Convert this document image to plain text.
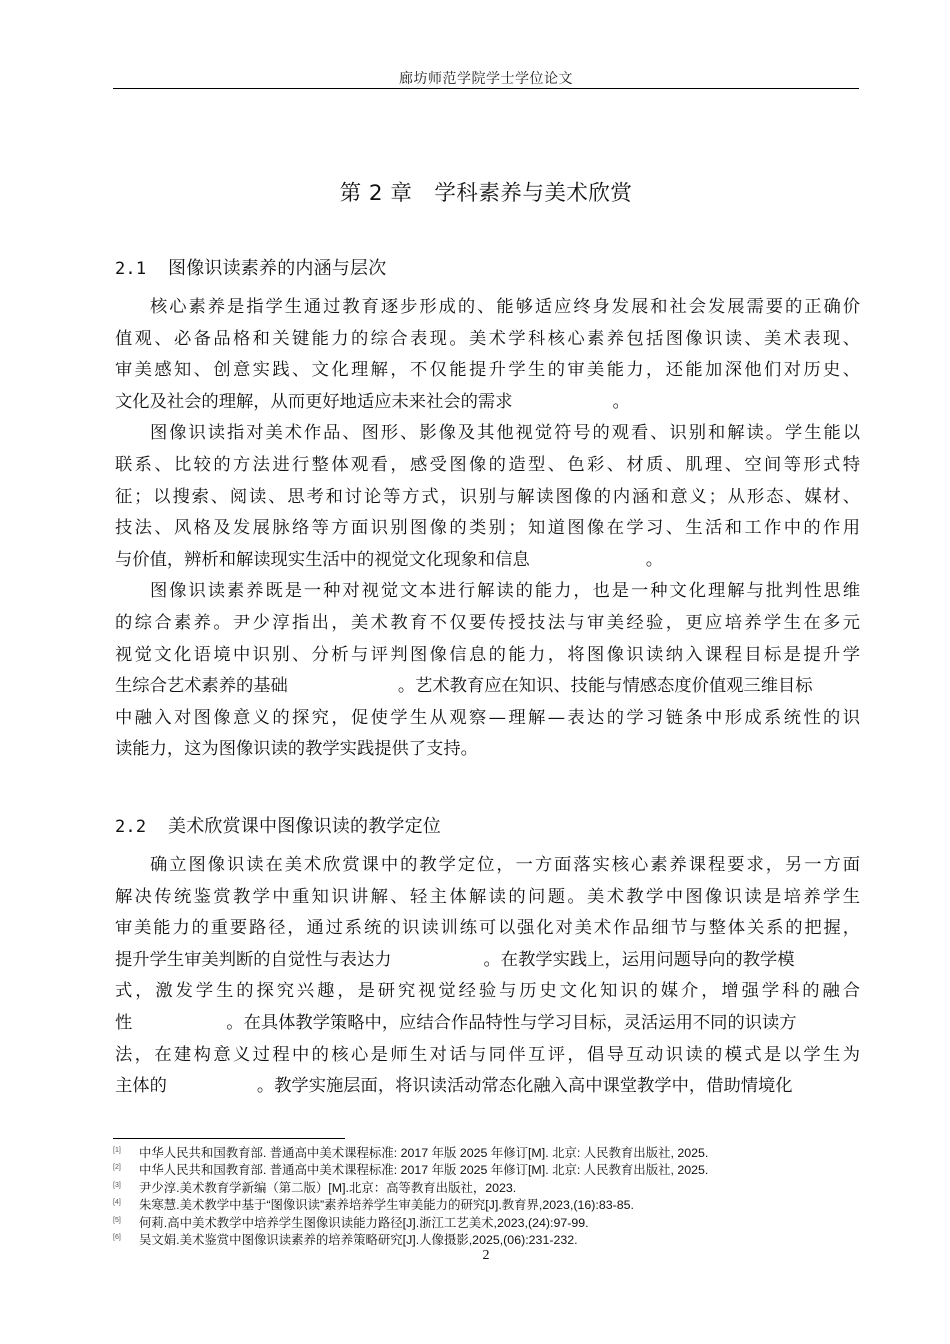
廊坊师范学院学士学位论文
第 2 章　学科素养与美术欣赏
2.1 图像识读素养的内涵与层次
核心素养是指学生通过教育逐步形成的、能够适应终身发展和社会发展需要的正确价
值观、必备品格和关键能力的综合表现。美术学科核心素养包括图像识读、美术表现、
审美感知、创意实践、文化理解，不仅能提升学生的审美能力，还能加深他们对历史、
文化及社会的理解，从而更好地适应未来社会的需求	。
图像识读指对美术作品、图形、影像及其他视觉符号的观看、识别和解读。学生能以
联系、比较的方法进行整体观看，感受图像的造型、色彩、材质、肌理、空间等形式特
征；以搜索、阅读、思考和讨论等方式，识别与解读图像的内涵和意义；从形态、媒材、
技法、风格及发展脉络等方面识别图像的类别；知道图像在学习、生活和工作中的作用
与价值，辨析和解读现实生活中的视觉文化现象和信息	。
图像识读素养既是一种对视觉文本进行解读的能力，也是一种文化理解与批判性思维
的综合素养。尹少淳指出，美术教育不仅要传授技法与审美经验，更应培养学生在多元
视觉文化语境中识别、分析与评判图像信息的能力，将图像识读纳入课程目标是提升学
生综合艺术素养的基础	。艺术教育应在知识、技能与情感态度价值观三维目标
中融入对图像意义的探究，促使学生从观察—理解—表达的学习链条中形成系统性的识
读能力，这为图像识读的教学实践提供了支持。
2.2 美术欣赏课中图像识读的教学定位
确立图像识读在美术欣赏课中的教学定位，一方面落实核心素养课程要求，另一方面
解决传统鉴赏教学中重知识讲解、轻主体解读的问题。美术教学中图像识读是培养学生
审美能力的重要路径，通过系统的识读训练可以强化对美术作品细节与整体关系的把握，
提升学生审美判断的自觉性与表达力	。在教学实践上，运用问题导向的教学模
式，激发学生的探究兴趣，是研究视觉经验与历史文化知识的媒介，增强学科的融合
性	。在具体教学策略中，应结合作品特性与学习目标，灵活运用不同的识读方
法，在建构意义过程中的核心是师生对话与同伴互评，倡导互动识读的模式是以学生为
主体的	。教学实施层面，将识读活动常态化融入高中课堂教学中，借助情境化
[1] 中华人民共和国教育部. 普通高中美术课程标准: 2017 年版 2025 年修订[M]. 北京: 人民教育出版社, 2025.
[2] 中华人民共和国教育部. 普通高中美术课程标准: 2017 年版 2025 年修订[M]. 北京: 人民教育出版社, 2025.
[3] 尹少淳.美术教育学新编（第二版）[M].北京：高等教育出版社，2023.
[4] 朱寒慧.美术教学中基于“图像识读”素养培养学生审美能力的研究[J].教育界,2023,(16):83-85.
[5] 何莉.高中美术教学中培养学生图像识读能力路径[J].浙江工艺美术,2023,(24):97-99.
[6] 吴文娟.美术鉴赏中图像识读素养的培养策略研究[J].人像摄影,2025,(06):231-232.
2
